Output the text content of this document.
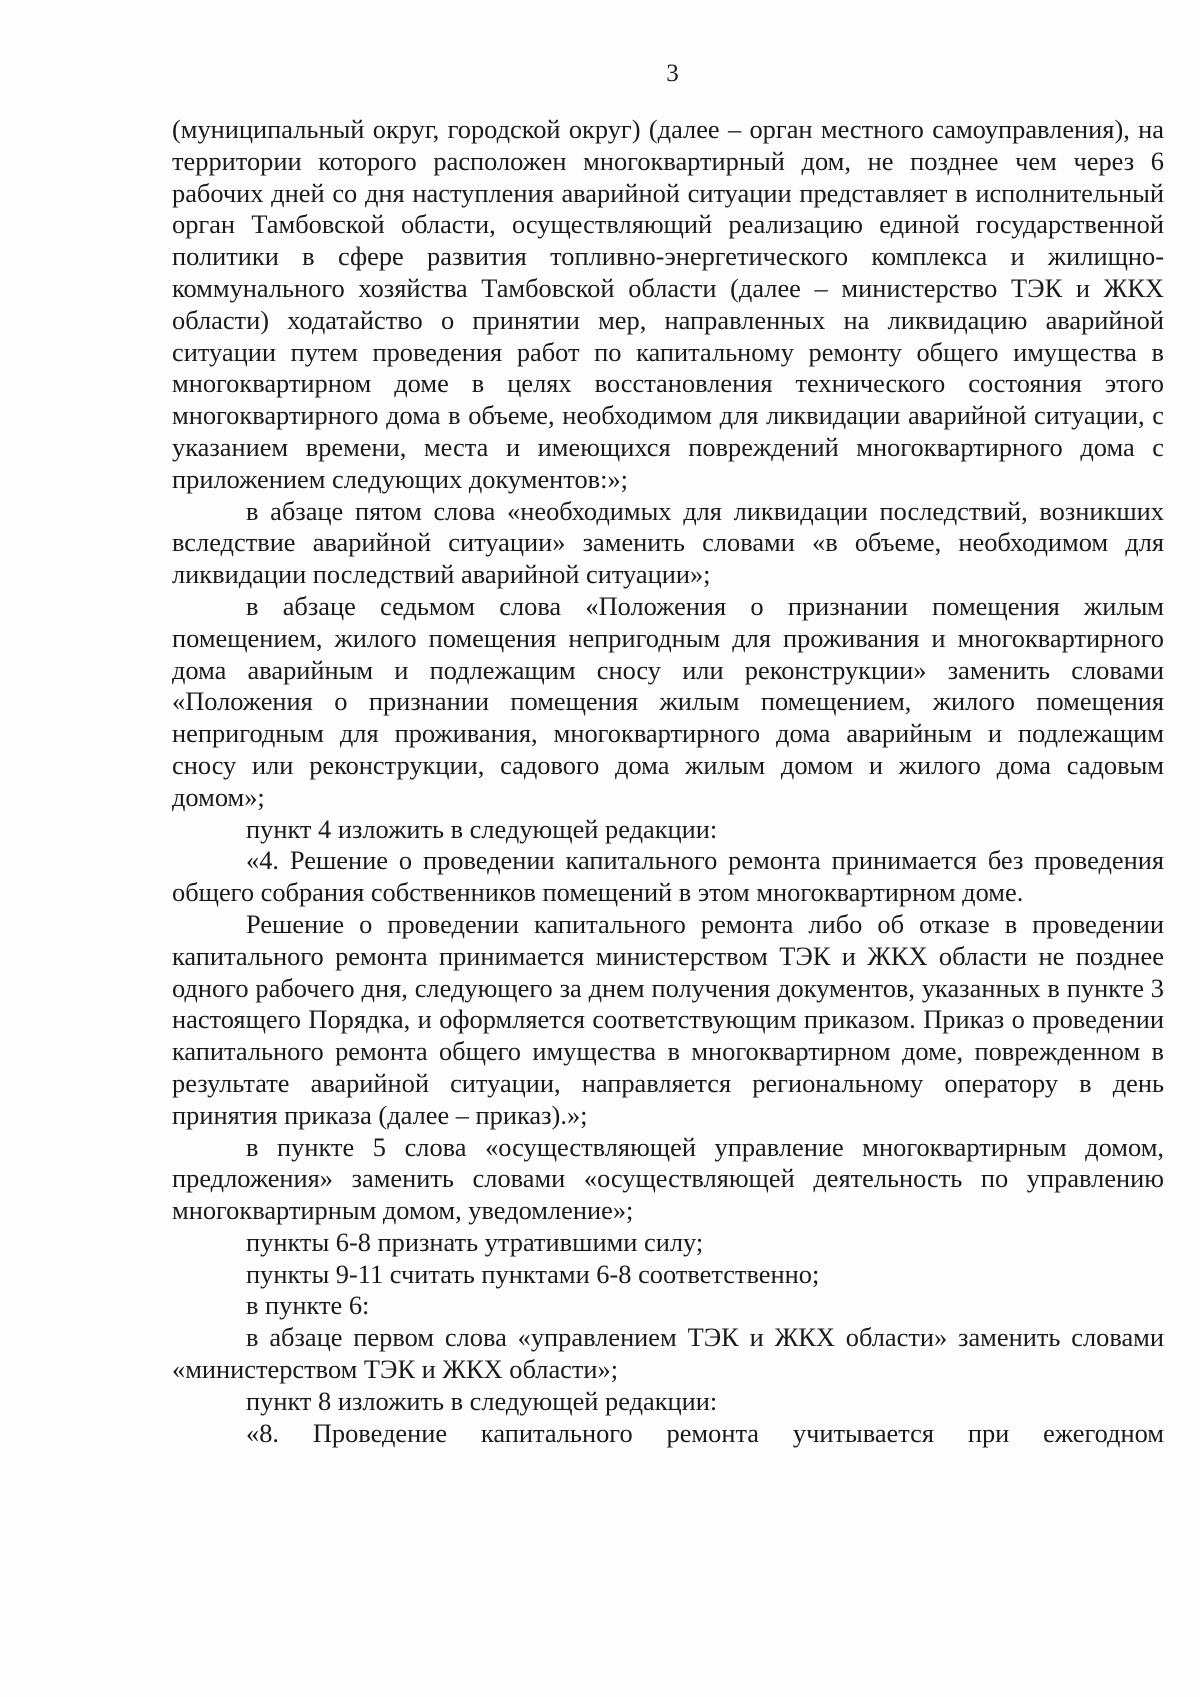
3

(муниципальный округ, городской округ) (далее – орган местного самоуправления), на территории которого расположен многоквартирный дом, не позднее чем через 6 рабочих дней со дня наступления аварийной ситуации представляет в исполнительный орган Тамбовской области, осуществляющий реализацию единой государственной политики в сфере развития топливно-энергетического комплекса и жилищно-коммунального хозяйства Тамбовской области (далее – министерство ТЭК и ЖКХ области) ходатайство о принятии мер, направленных на ликвидацию аварийной ситуации путем проведения работ по капитальному ремонту общего имущества в многоквартирном доме в целях восстановления технического состояния этого многоквартирного дома в объеме, необходимом для ликвидации аварийной ситуации, с указанием времени, места и имеющихся повреждений многоквартирного дома с приложением следующих документов:»;

в абзаце пятом слова «необходимых для ликвидации последствий, возникших вследствие аварийной ситуации» заменить словами «в объеме, необходимом для ликвидации последствий аварийной ситуации»;

в абзаце седьмом слова «Положения о признании помещения жилым помещением, жилого помещения непригодным для проживания и многоквартирного дома аварийным и подлежащим сносу или реконструкции» заменить словами «Положения о признании помещения жилым помещением, жилого помещения непригодным для проживания, многоквартирного дома аварийным и подлежащим сносу или реконструкции, садового дома жилым домом и жилого дома садовым домом»;

пункт 4 изложить в следующей редакции:

«4. Решение о проведении капитального ремонта принимается без проведения общего собрания собственников помещений в этом многоквартирном доме.

Решение о проведении капитального ремонта либо об отказе в проведении капитального ремонта принимается министерством ТЭК и ЖКХ области не позднее одного рабочего дня, следующего за днем получения документов, указанных в пункте 3 настоящего Порядка, и оформляется соответствующим приказом. Приказ о проведении капитального ремонта общего имущества в многоквартирном доме, поврежденном в результате аварийной ситуации, направляется региональному оператору в день принятия приказа (далее – приказ).»;

в пункте 5 слова «осуществляющей управление многоквартирным домом, предложения» заменить словами «осуществляющей деятельность по управлению многоквартирным домом, уведомление»;

пункты 6-8 признать утратившими силу;

пункты 9-11 считать пунктами 6-8 соответственно;

в пункте 6:

в абзаце первом слова «управлением ТЭК и ЖКХ области» заменить словами «министерством ТЭК и ЖКХ области»;

пункт 8 изложить в следующей редакции:

«8. Проведение капитального ремонта учитывается при ежегодном
